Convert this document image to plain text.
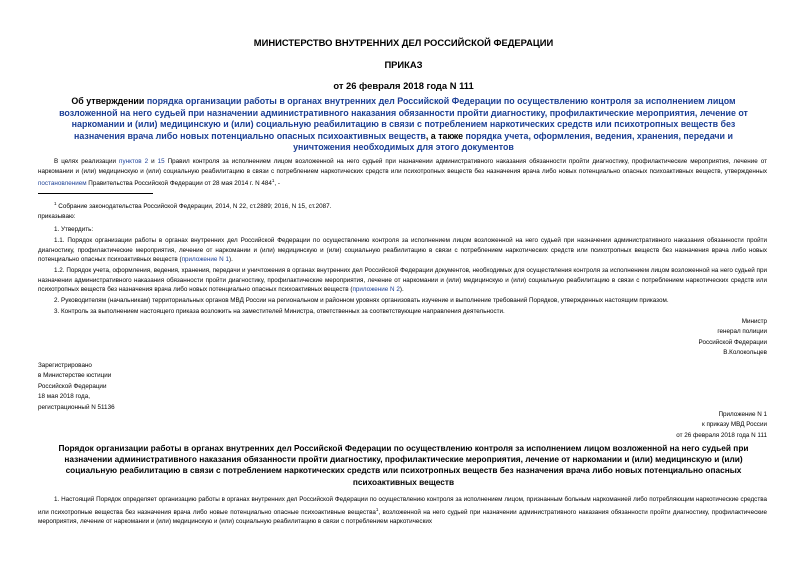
МИНИСТЕРСТВО ВНУТРЕННИХ ДЕЛ РОССИЙСКОЙ ФЕДЕРАЦИИ
ПРИКАЗ
от 26 февраля 2018 года N 111
Об утверждении порядка организации работы в органах внутренних дел Российской Федерации по осуществлению контроля за исполнением лицом возложенной на него судьей при назначении административного наказания обязанности пройти диагностику, профилактические мероприятия, лечение от наркомании и (или) медицинскую и (или) социальную реабилитацию в связи с потреблением наркотических средств или психотропных веществ без назначения врача либо новых потенциально опасных психоактивных веществ, а также порядка учета, оформления, ведения, хранения, передачи и уничтожения необходимых для этого документов
В целях реализации пунктов 2 и 15 Правил контроля за исполнением лицом возложенной на него судьей при назначении административного наказания обязанности пройти диагностику, профилактические мероприятия, лечение от наркомании и (или) медицинскую и (или) социальную реабилитацию в связи с потреблением наркотических средств или психотропных веществ без назначения врача либо новых потенциально опасных психоактивных веществ, утвержденных постановлением Правительства Российской Федерации от 28 мая 2014 г. N $484^1$, -
$^1$ Собрание законодательства Российской Федерации, 2014, N 22, ст.2889; 2016, N 15, ст.2087.
приказываю:
1. Утвердить:
1.1. Порядок организации работы в органах внутренних дел Российской Федерации по осуществлению контроля за исполнением лицом возложенной на него судьей при назначении административного наказания обязанности пройти диагностику, профилактические мероприятия, лечение от наркомании и (или) медицинскую и (или) социальную реабилитацию в связи с потреблением наркотических средств или психотропных веществ без назначения врача либо новых потенциально опасных психоактивных веществ (приложение N 1).
1.2. Порядок учета, оформления, ведения, хранения, передачи и уничтожения в органах внутренних дел Российской Федерации документов, необходимых для осуществления контроля за исполнением лицом возложенной на него судьей при назначении административного наказания обязанности пройти диагностику, профилактические мероприятия, лечение от наркомании и (или) медицинскую и (или) социальную реабилитацию в связи с потреблением наркотических средств или психотропных веществ без назначения врача либо новых потенциально опасных психоактивных веществ (приложение N 2).
2. Руководителям (начальникам) территориальных органов МВД России на региональном и районном уровнях организовать изучение и выполнение требований Порядков, утвержденных настоящим приказом.
3. Контроль за выполнением настоящего приказа возложить на заместителей Министра, ответственных за соответствующие направления деятельности.
Министр
генерал полиции
Российской Федерации
В.Колокольцев
Зарегистрировано
в Министерстве юстиции
Российской Федерации
18 мая 2018 года,
регистрационный N 51136
Приложение N 1
к приказу МВД России
от 26 февраля 2018 года N 111
Порядок организации работы в органах внутренних дел Российской Федерации по осуществлению контроля за исполнением лицом возложенной на него судьей при назначении административного наказания обязанности пройти диагностику, профилактические мероприятия, лечение от наркомании и (или) медицинскую и (или) социальную реабилитацию в связи с потреблением наркотических средств или психотропных веществ без назначения врача либо новых потенциально опасных психоактивных веществ
1. Настоящий Порядок определяет организацию работы в органах внутренних дел Российской Федерации по осуществлению контроля за исполнением лицом, признанным больным наркоманией либо потребляющим наркотические средства или психотропные вещества без назначения врача либо новые потенциально опасные психоактивные вещества$^1$, возложенной на него судьей при назначении административного наказания обязанности пройти диагностику, профилактические мероприятия, лечение от наркомании и (или) медицинскую и (или) социальную реабилитацию в связи с потреблением наркотических
